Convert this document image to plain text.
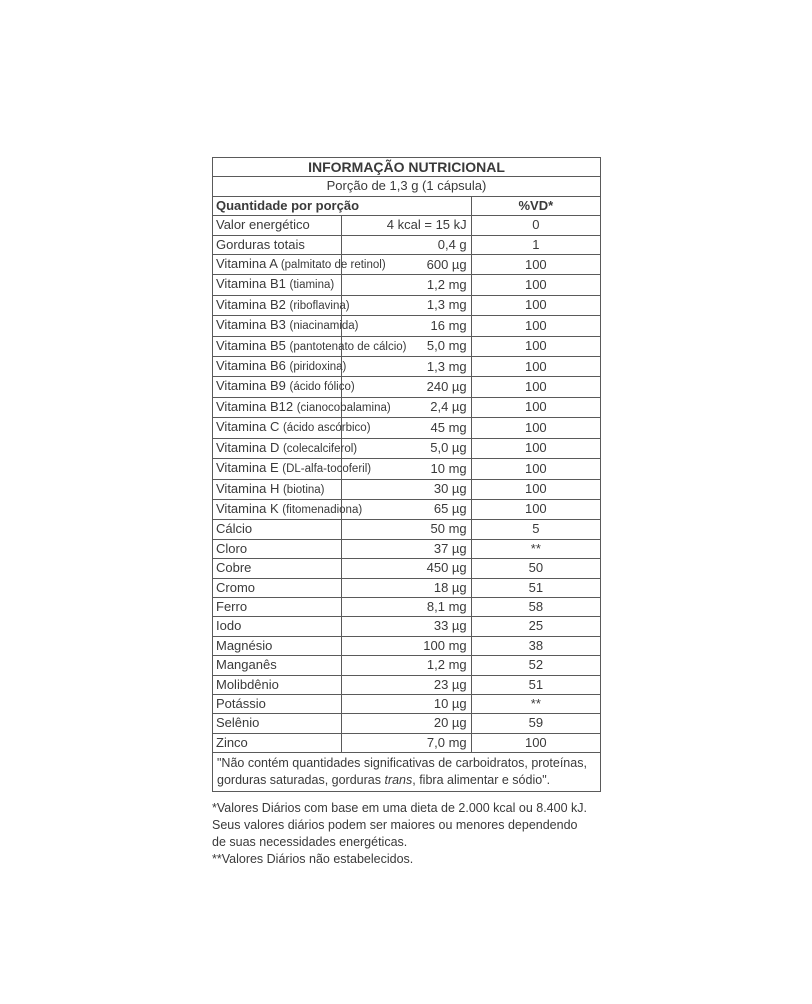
INFORMAÇÃO NUTRICIONAL		
Porção de 1,3 g (1 cápsula)		
Quantidade por porção		%VD*
Valor energético	4 kcal = 15 kJ	0
Gorduras totais	0,4 g	1
Vitamina A (palmitato de retinol)	600 µg	100
Vitamina B1 (tiamina)	1,2 mg	100
Vitamina B2 (riboflavina)	1,3 mg	100
Vitamina B3 (niacinamida)	16 mg	100
Vitamina B5 (pantotenato de cálcio)	5,0 mg	100
Vitamina B6 (piridoxina)	1,3 mg	100
Vitamina B9 (ácido fólico)	240 µg	100
Vitamina B12 (cianocobalamina)	2,4 µg	100
Vitamina C (ácido ascórbico)	45 mg	100
Vitamina D (colecalciferol)	5,0 µg	100
Vitamina E (DL-alfa-tocoferil)	10 mg	100
Vitamina H (biotina)	30 µg	100
Vitamina K (fitomenadiona)	65 µg	100
Cálcio	50 mg	5
Cloro	37 µg	**
Cobre	450 µg	50
Cromo	18 µg	51
Ferro	8,1 mg	58
Iodo	33 µg	25
Magnésio	100 mg	38
Manganês	1,2 mg	52
Molibdênio	23 µg	51
Potássio	10 µg	**
Selênio	20 µg	59
Zinco	7,0 mg	100
"Não contém quantidades significativas de carboidratos, proteínas, gorduras saturadas, gorduras trans, fibra alimentar e sódio".		
*Valores Diários com base em uma dieta de 2.000 kcal ou 8.400 kJ.
Seus valores diários podem ser maiores ou menores dependendo
de suas necessidades energéticas.
**Valores Diários não estabelecidos.
